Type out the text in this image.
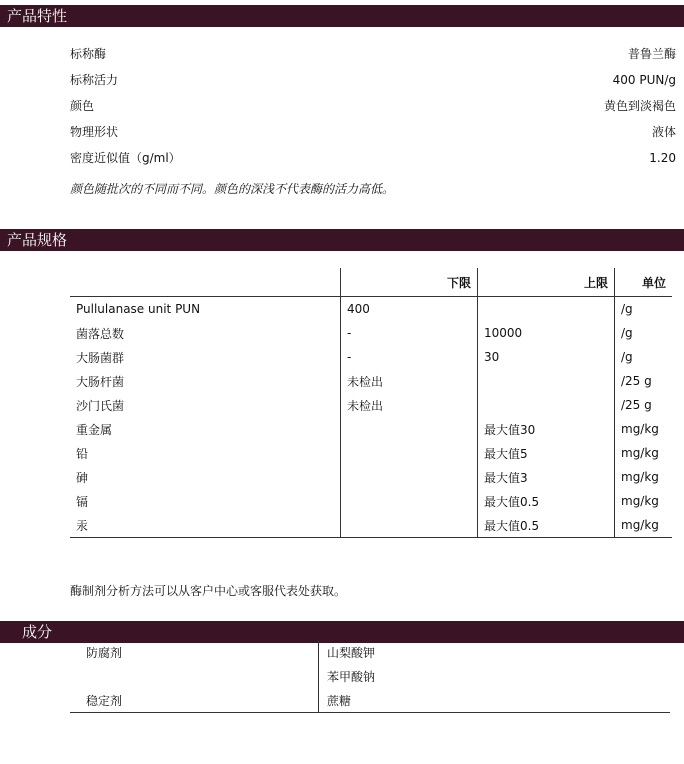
产品特性
标称酶	普鲁兰酶
标称活力	400 PUN/g
颜色	黄色到淡褐色
物理形状	液体
密度近似值（g/ml）	1.20
颜色随批次的不同而不同。颜色的深浅不代表酶的活力高低。
产品规格
	下限	上限	单位
Pullulanase unit PUN	400		/g
菌落总数	-	10000	/g
大肠菌群	-	30	/g
大肠杆菌	未检出		/25 g
沙门氏菌	未检出		/25 g
重金属		最大值30	mg/kg
铅		最大值5	mg/kg
砷		最大值3	mg/kg
镉		最大值0.5	mg/kg
汞		最大值0.5	mg/kg
酶制剂分析方法可以从客户中心或客服代表处获取。
成分
防腐剂	山梨酸钾
	苯甲酸钠
稳定剂	蔗糖
